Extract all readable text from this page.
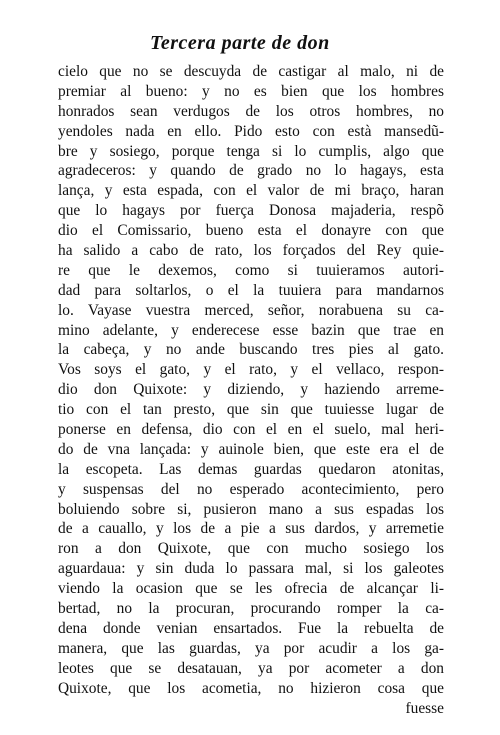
Tercera parte de don
cielo que no se descuyda de castigar al malo, ni de
premiar al bueno: y no es bien que los hombres
honrados sean verdugos de los otros hombres, no
yendoles nada en ello. Pido esto con està mansedũ-
bre y sosiego, porque tenga si lo cumplis, algo que
agradeceros: y quando de grado no lo hagays, esta
lança, y esta espada, con el valor de mi braço, haran
que lo hagays por fuerça Donosa majaderia, respõ
dio el Comissario, bueno esta el donayre con que
ha salido a cabo de rato, los forçados del Rey quie-
re que le dexemos, como si tuuieramos autori-
dad para soltarlos, o el la tuuiera para mandarnos
lo. Vayase vuestra merced, señor, norabuena su ca-
mino adelante, y enderecese esse bazin que trae en
la cabeça, y no ande buscando tres pies al gato.
Vos soys el gato, y el rato, y el vellaco, respon-
dio don Quixote: y diziendo, y haziendo arreme-
tio con el tan presto, que sin que tuuiesse lugar de
ponerse en defensa, dio con el en el suelo, mal heri-
do de vna lançada: y auinole bien, que este era el de
la escopeta. Las demas guardas quedaron atonitas,
y suspensas del no esperado acontecimiento, pero
boluiendo sobre si, pusieron mano a sus espadas los
de a cauallo, y los de a pie a sus dardos, y arremetie
ron a don Quixote, que con mucho sosiego los
aguardaua: y sin duda lo passara mal, si los galeotes
viendo la ocasion que se les ofrecia de alcançar li-
bertad, no la procuran, procurando romper la ca-
dena donde venian ensartados. Fue la rebuelta de
manera, que las guardas, ya por acudir a los ga-
leotes que se desatauan, ya por acometer a don
Quixote, que los acometia, no hizieron cosa que
fuesse
